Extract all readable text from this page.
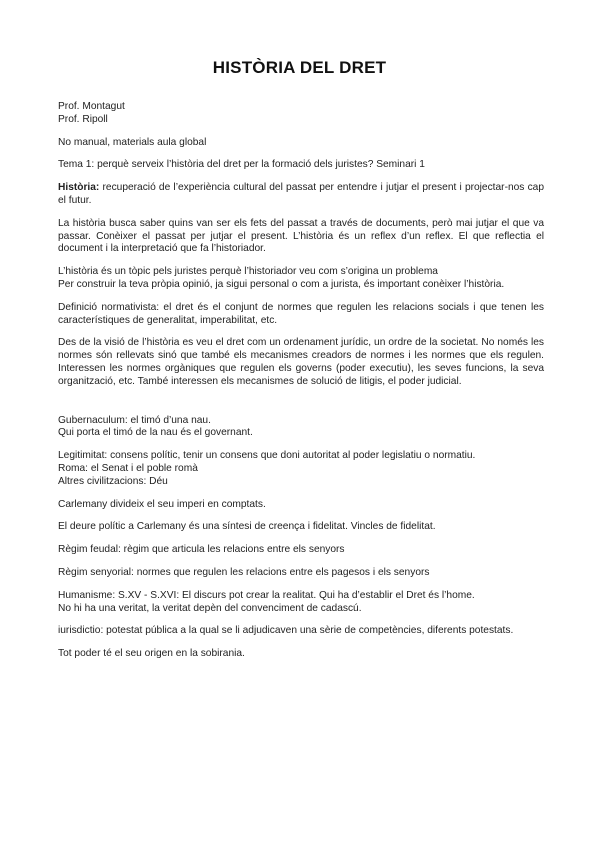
HISTÒRIA DEL DRET
Prof. Montagut
Prof. Ripoll
No manual, materials aula global
Tema 1: perquè serveix l’història del dret per la formació dels juristes? Seminari 1
Història: recuperació de l’experiència cultural del passat per entendre i jutjar el present i projectar-nos cap el futur.
La història busca saber quins van ser els fets del passat a través de documents, però mai jutjar el que va passar. Conèixer el passat per jutjar el present. L’història és un reflex d’un reflex. El que reflectia el document i la interpretació que fa l’historiador.
L’història és un tòpic pels juristes perquè l’historiador veu com s’origina un problema
Per construir la teva pròpia opinió, ja sigui personal o com a jurista, és important conèixer l’història.
Definició normativista: el dret és el conjunt de normes que regulen les relacions socials i que tenen les característiques de generalitat, imperabilitat, etc.
Des de la visió de l’història es veu el dret com un ordenament jurídic, un ordre de la societat. No només les normes són rellevats sinó que també els mecanismes creadors de normes i les normes que els regulen. Interessen les normes orgàniques que regulen els governs (poder executiu), les seves funcions, la seva organització, etc. També interessen els mecanismes de solució de litigis, el poder judicial.
Gubernaculum: el timó d’una nau.
Qui porta el timó de la nau és el governant.
Legitimitat: consens polític, tenir un consens que doni autoritat al poder legislatiu o normatiu.
Roma: el Senat i el poble romà
Altres civilitzacions: Déu
Carlemany divideix el seu imperi en comptats.
El deure polític a Carlemany és una síntesi de creença i fidelitat. Vincles de fidelitat.
Règim feudal: règim que articula les relacions entre els senyors
Règim senyorial: normes que regulen les relacions entre els pagesos i els senyors
Humanisme: S.XV - S.XVI: El discurs pot crear la realitat. Qui ha d’establir el Dret és l’home.
No hi ha una veritat, la veritat depèn del convenciment de cadascú.
iurisdictio: potestat pública a la qual se li adjudicaven una sèrie de competències, diferents potestats.
Tot poder té el seu origen en la sobirania.
